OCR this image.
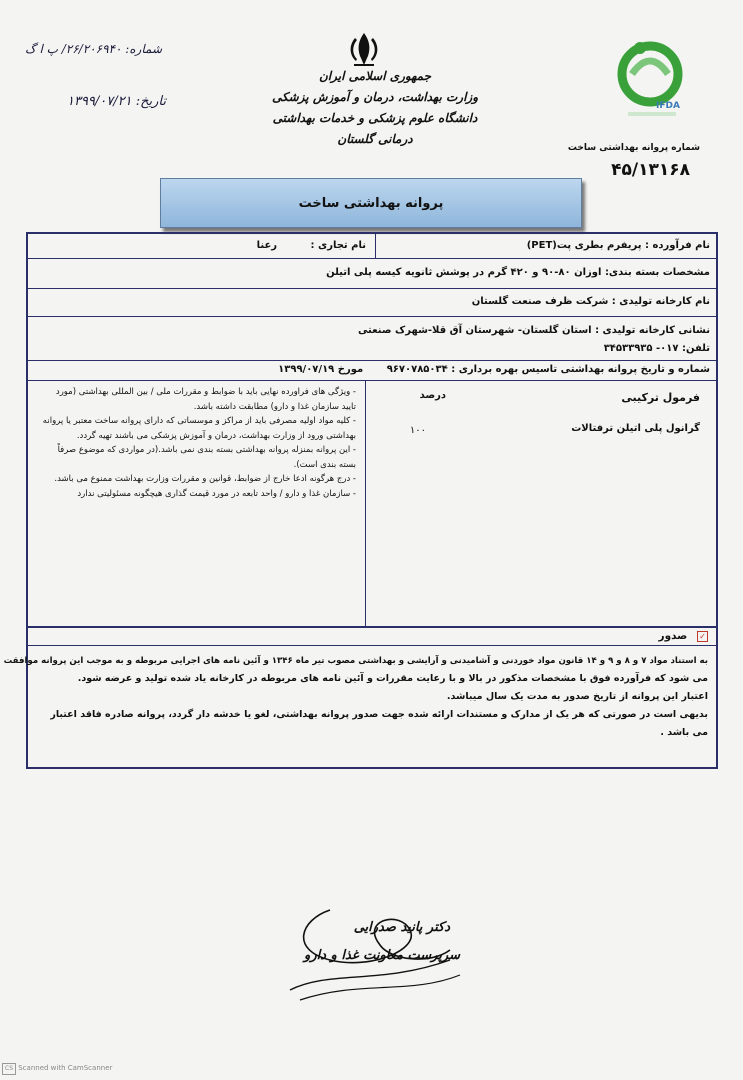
شماره: ۲۶/۲۰۶۹۴۰/ پ ا گ
تاریخ: ۱۳۹۹/۰۷/۲۱
جمهوری اسلامی ایران
وزارت بهداشت، درمان و آموزش پزشکی
دانشگاه علوم پزشکی و خدمات بهداشتی درمانی گلستان
IFDA
شماره پروانه بهداشتی ساخت
۴۵/۱۳۱۶۸
پروانه بهداشتی ساخت
نام فرآورده : پریفرم بطری پت(PET)
نام تجاری : رعنا
مشخصات بسته بندی: اوزان ۸۰-۹۰ و ۴۲۰ گرم در پوشش ثانویه کیسه پلی اتیلن
نام کارخانه تولیدی : شرکت ظرف صنعت گلستان
نشانی کارخانه تولیدی : استان گلستان- شهرستان آق قلا-شهرک صنعتی
تلفن: ۰۱۷- ۳۴۵۳۳۹۳۵
شماره و تاریخ پروانه بهداشتی تاسیس بهره برداری : ۹۶۷۰۷۸۵۰۳۴ مورخ ۱۳۹۹/۰۷/۱۹
فرمول ترکیبی
درصد
گرانول پلی اتیلن ترفتالات
۱۰۰
- ویژگی های فراورده نهایی باید با ضوابط و مقررات ملی / بین المللی بهداشتی (مورد
تایید سازمان غذا و دارو) مطابقت داشته باشد.
- کلیه مواد اولیه مصرفی باید از مراکز و موسساتی که دارای پروانه ساخت معتبر یا پروانه
بهداشتی ورود از وزارت بهداشت، درمان و آموزش پزشکی می باشند تهیه گردد.
- این پروانه بمنزله پروانه بهداشتی بسته بندی نمی باشد.(در مواردی که موضوع صرفاً
بسته بندی است).
- درج هرگونه ادعا خارج از ضوابط، قوانین و مقررات وزارت بهداشت ممنوع می باشد.
- سازمان غذا و دارو / واحد تابعه در مورد قیمت گذاری هیچگونه مسئولیتی ندارد
✓ صدور
به استناد مواد ۷ و ۸ و ۹ و ۱۴ قانون مواد خوردنی و آشامیدنی و آرایشی و بهداشتی مصوب تیر ماه ۱۳۴۶ و آئین نامه های اجرایی مربوطه و به موجب این پروانه موافقت
می شود که فرآورده فوق با مشخصات مذکور در بالا و با رعایت مقررات و آئین نامه های مربوطه در کارخانه یاد شده تولید و عرضه شود.
اعتبار این پروانه از تاریخ صدور به مدت یک سال میباشد.
بدیهی است در صورتی که هر یک از مدارک و مستندات ارائه شده جهت صدور پروانه بهداشتی، لغو یا خدشه دار گردد، پروانه صادره فاقد اعتبار می باشد .
دکتر پانید صدرایی
سرپرست معاونت غذا و دارو
CS Scanned with CamScanner
